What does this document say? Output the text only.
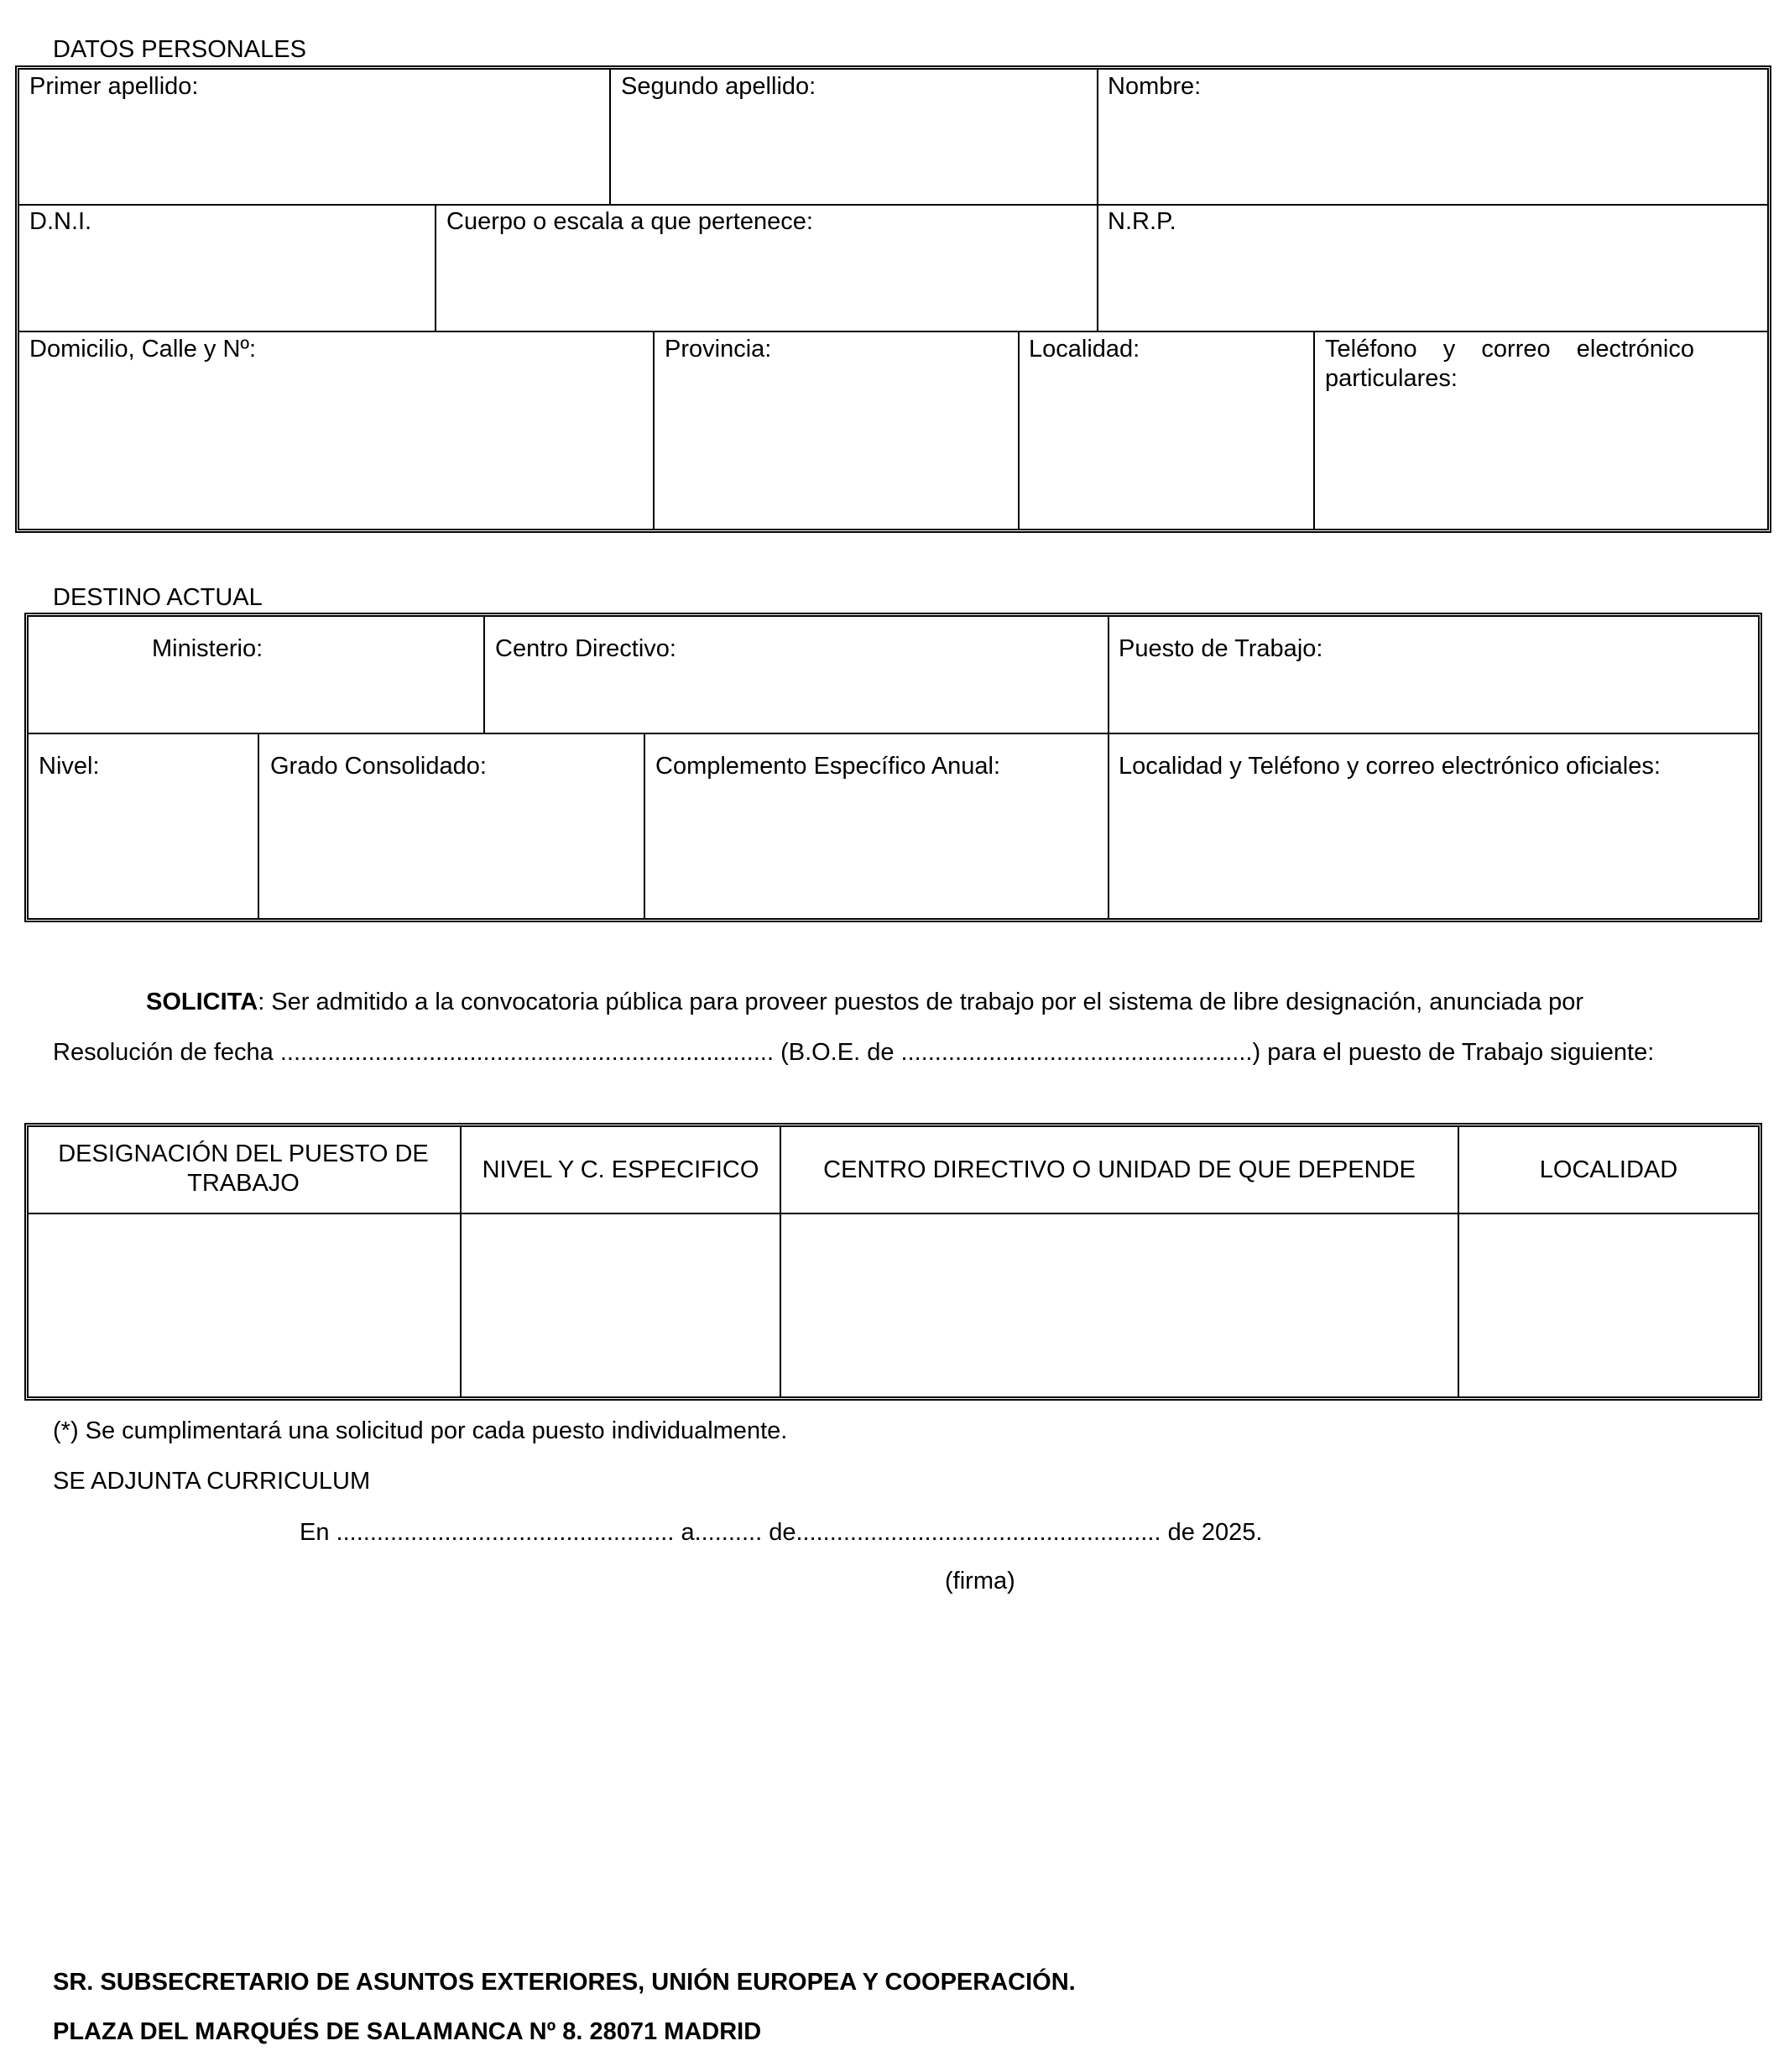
DATOS PERSONALES
Primer apellido:	Segundo apellido:	Nombre:
D.N.I.	Cuerpo o escala a que pertenece:	N.R.P.
Domicilio, Calle y Nº:	Provincia:	Localidad:	Teléfono y correo electrónico particulares:
DESTINO ACTUAL
Ministerio:	Centro Directivo:	Puesto de Trabajo:
Nivel:	Grado Consolidado:	Complemento Específico Anual:	Localidad y Teléfono y correo electrónico oficiales:
SOLICITA: Ser admitido a la convocatoria pública para proveer puestos de trabajo por el sistema de libre designación, anunciada por
Resolución de fecha ......................................................................... (B.O.E. de ....................................................) para el puesto de Trabajo siguiente:
DESIGNACIÓN DEL PUESTO DE TRABAJO	NIVEL Y C. ESPECIFICO	CENTRO DIRECTIVO O UNIDAD DE QUE DEPENDE	LOCALIDAD
(*) Se cumplimentará una solicitud por cada puesto individualmente.
SE ADJUNTA CURRICULUM
En .................................................. a.......... de...................................................... de 2025.
(firma)
SR. SUBSECRETARIO DE ASUNTOS EXTERIORES, UNIÓN EUROPEA Y COOPERACIÓN.
PLAZA DEL MARQUÉS DE SALAMANCA Nº 8. 28071 MADRID
